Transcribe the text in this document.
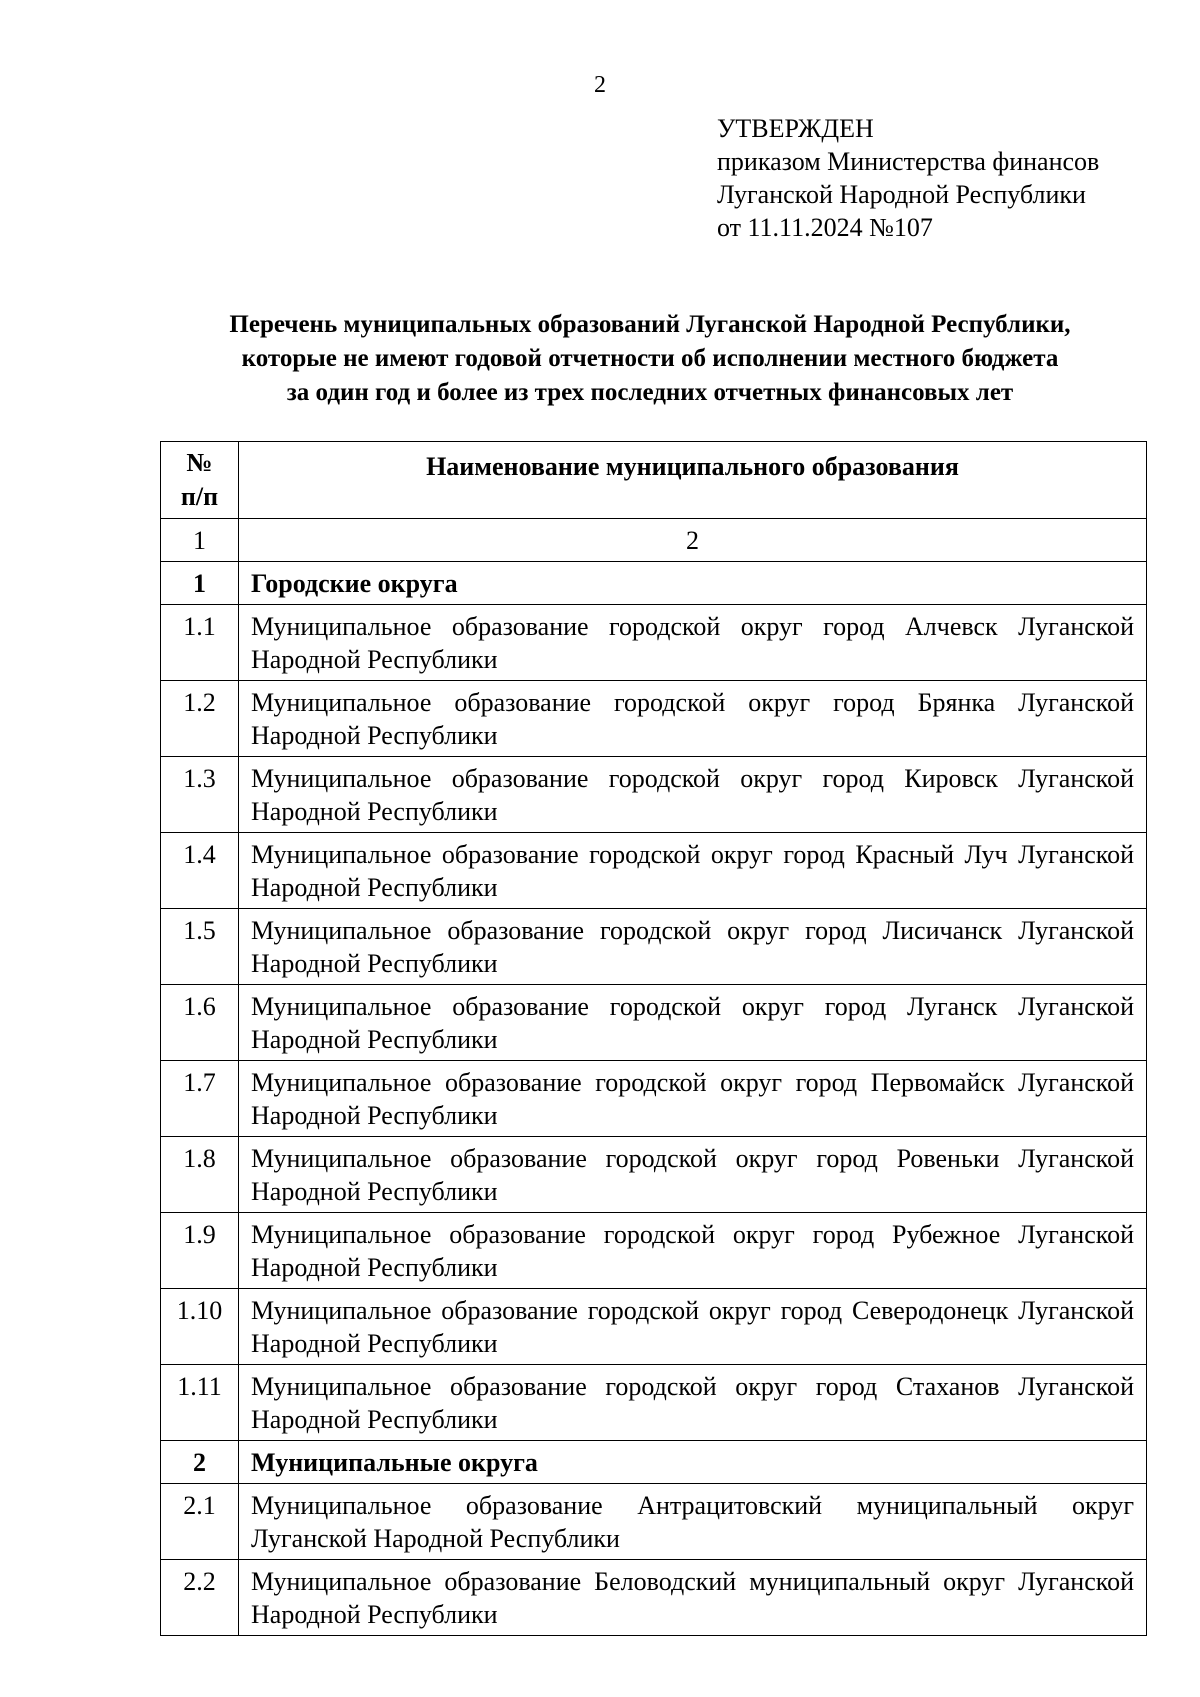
2
УТВЕРЖДЕН
приказом Министерства финансов
Луганской Народной Республики
от 11.11.2024 №107
Перечень муниципальных образований Луганской Народной Республики,
которые не имеют годовой отчетности об исполнении местного бюджета
за один год и более из трех последних отчетных финансовых лет
№
п/п	Наименование муниципального образования
1	2
1	Городские округа
1.1	Муниципальное образование городской округ город Алчевск Луганской Народной Республики
1.2	Муниципальное образование городской округ город Брянка Луганской Народной Республики
1.3	Муниципальное образование городской округ город Кировск Луганской Народной Республики
1.4	Муниципальное образование городской округ город Красный Луч Луганской Народной Республики
1.5	Муниципальное образование городской округ город Лисичанск Луганской Народной Республики
1.6	Муниципальное образование городской округ город Луганск Луганской Народной Республики
1.7	Муниципальное образование городской округ город Первомайск Луганской Народной Республики
1.8	Муниципальное образование городской округ город Ровеньки Луганской Народной Республики
1.9	Муниципальное образование городской округ город Рубежное Луганской Народной Республики
1.10	Муниципальное образование городской округ город Северодонецк Луганской Народной Республики
1.11	Муниципальное образование городской округ город Стаханов Луганской Народной Республики
2	Муниципальные округа
2.1	Муниципальное образование Антрацитовский муниципальный округ Луганской Народной Республики
2.2	Муниципальное образование Беловодский муниципальный округ Луганской Народной Республики
